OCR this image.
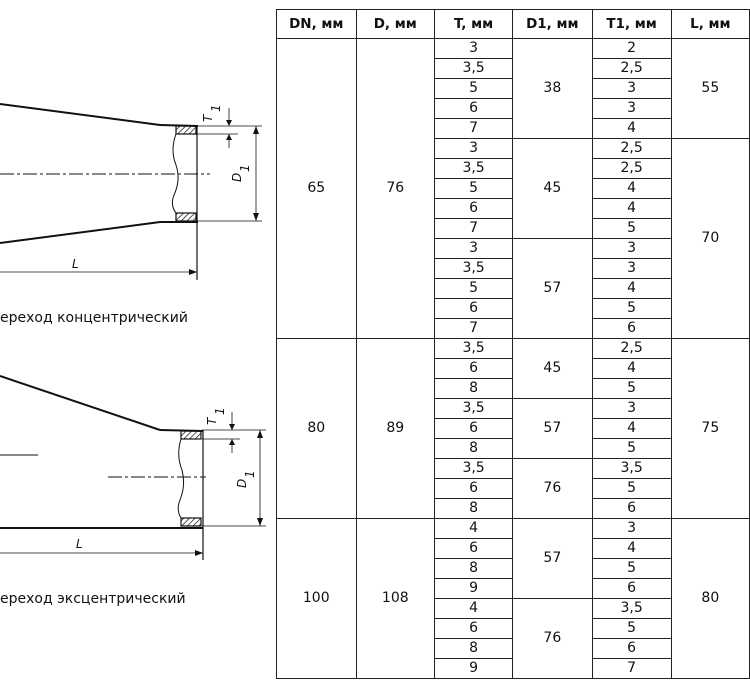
T
1
D
1
L
T
1
D
1
L
ереход концентрический
ереход эксцентрический
DN, мм	D, мм	T, мм	D1, мм	T1, мм	L, мм
65	76	3	38	2	55
		3,5		2,5	
		5		3	
		6		3	
		7		4	
		3	45	2,5	70
		3,5		2,5	
		5		4	
		6		4	
		7		5	
		3	57	3	
		3,5		3	
		5		4	
		6		5	
		7		6	
80	89	3,5	45	2,5	75
		6		4	
		8		5	
		3,5	57	3	
		6		4	
		8		5	
		3,5	76	3,5	
		6		5	
		8		6	
100	108	4	57	3	80
		6		4	
		8		5	
		9		6	
		4	76	3,5	
		6		5	
		8		6	
		9		7	
